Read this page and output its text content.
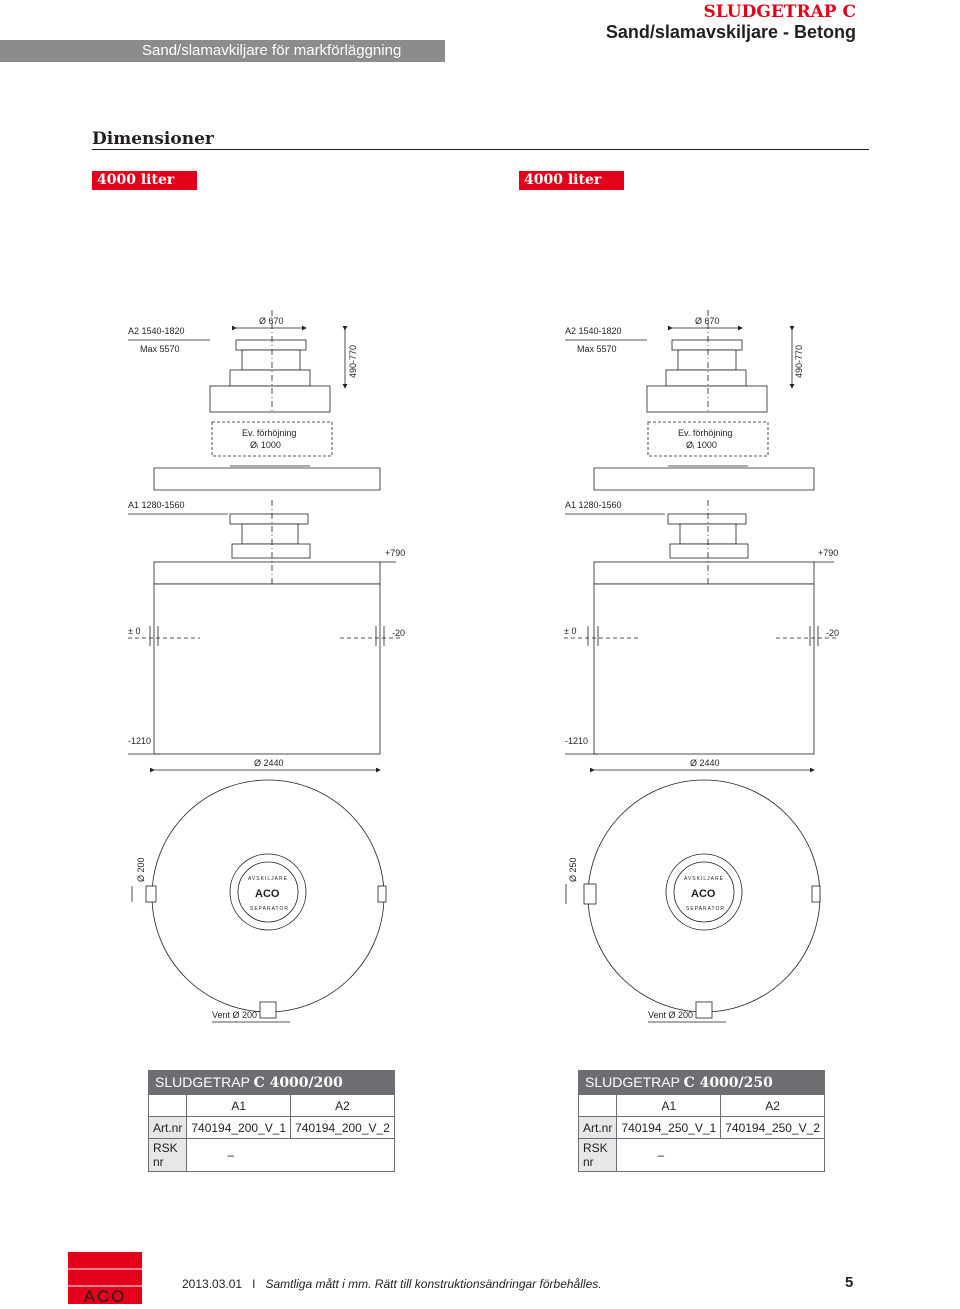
Sand/slamavkiljare för markförläggning
SLUDGETRAP C
Sand/slamavskiljare - Betong
Dimensioner
4000 liter	4000 liter
A2 1540-1820
Max 5570
Ø 670
490-770
Ev. förhöjning
Øᵢ 1000
A1 1280-1560
+790
± 0	-20
-1210
Ø 2440
AVSKILJARE
ACO
SEPARATOR
Ø 200
Vent Ø 200
A2 1540-1820
Max 5570
Ø 670
490-770
Ev. förhöjning
Øᵢ 1000
A1 1280-1560
+790
± 0	-20
-1210
Ø 2440
AVSKILJARE
ACO
SEPARATOR
Ø 250
Vent Ø 200
SLUDGETRAP C 4000/200		
	A1	A2
Art.nr	740194_200_V_1	740194_200_V_2
RSK nr	–	
SLUDGETRAP C 4000/250		
	A1	A2
Art.nr	740194_250_V_1	740194_250_V_2
RSK nr	–	
ACO
2013.03.01 I Samtliga mått i mm. Rätt till konstruktionsändringar förbehålles.	5
